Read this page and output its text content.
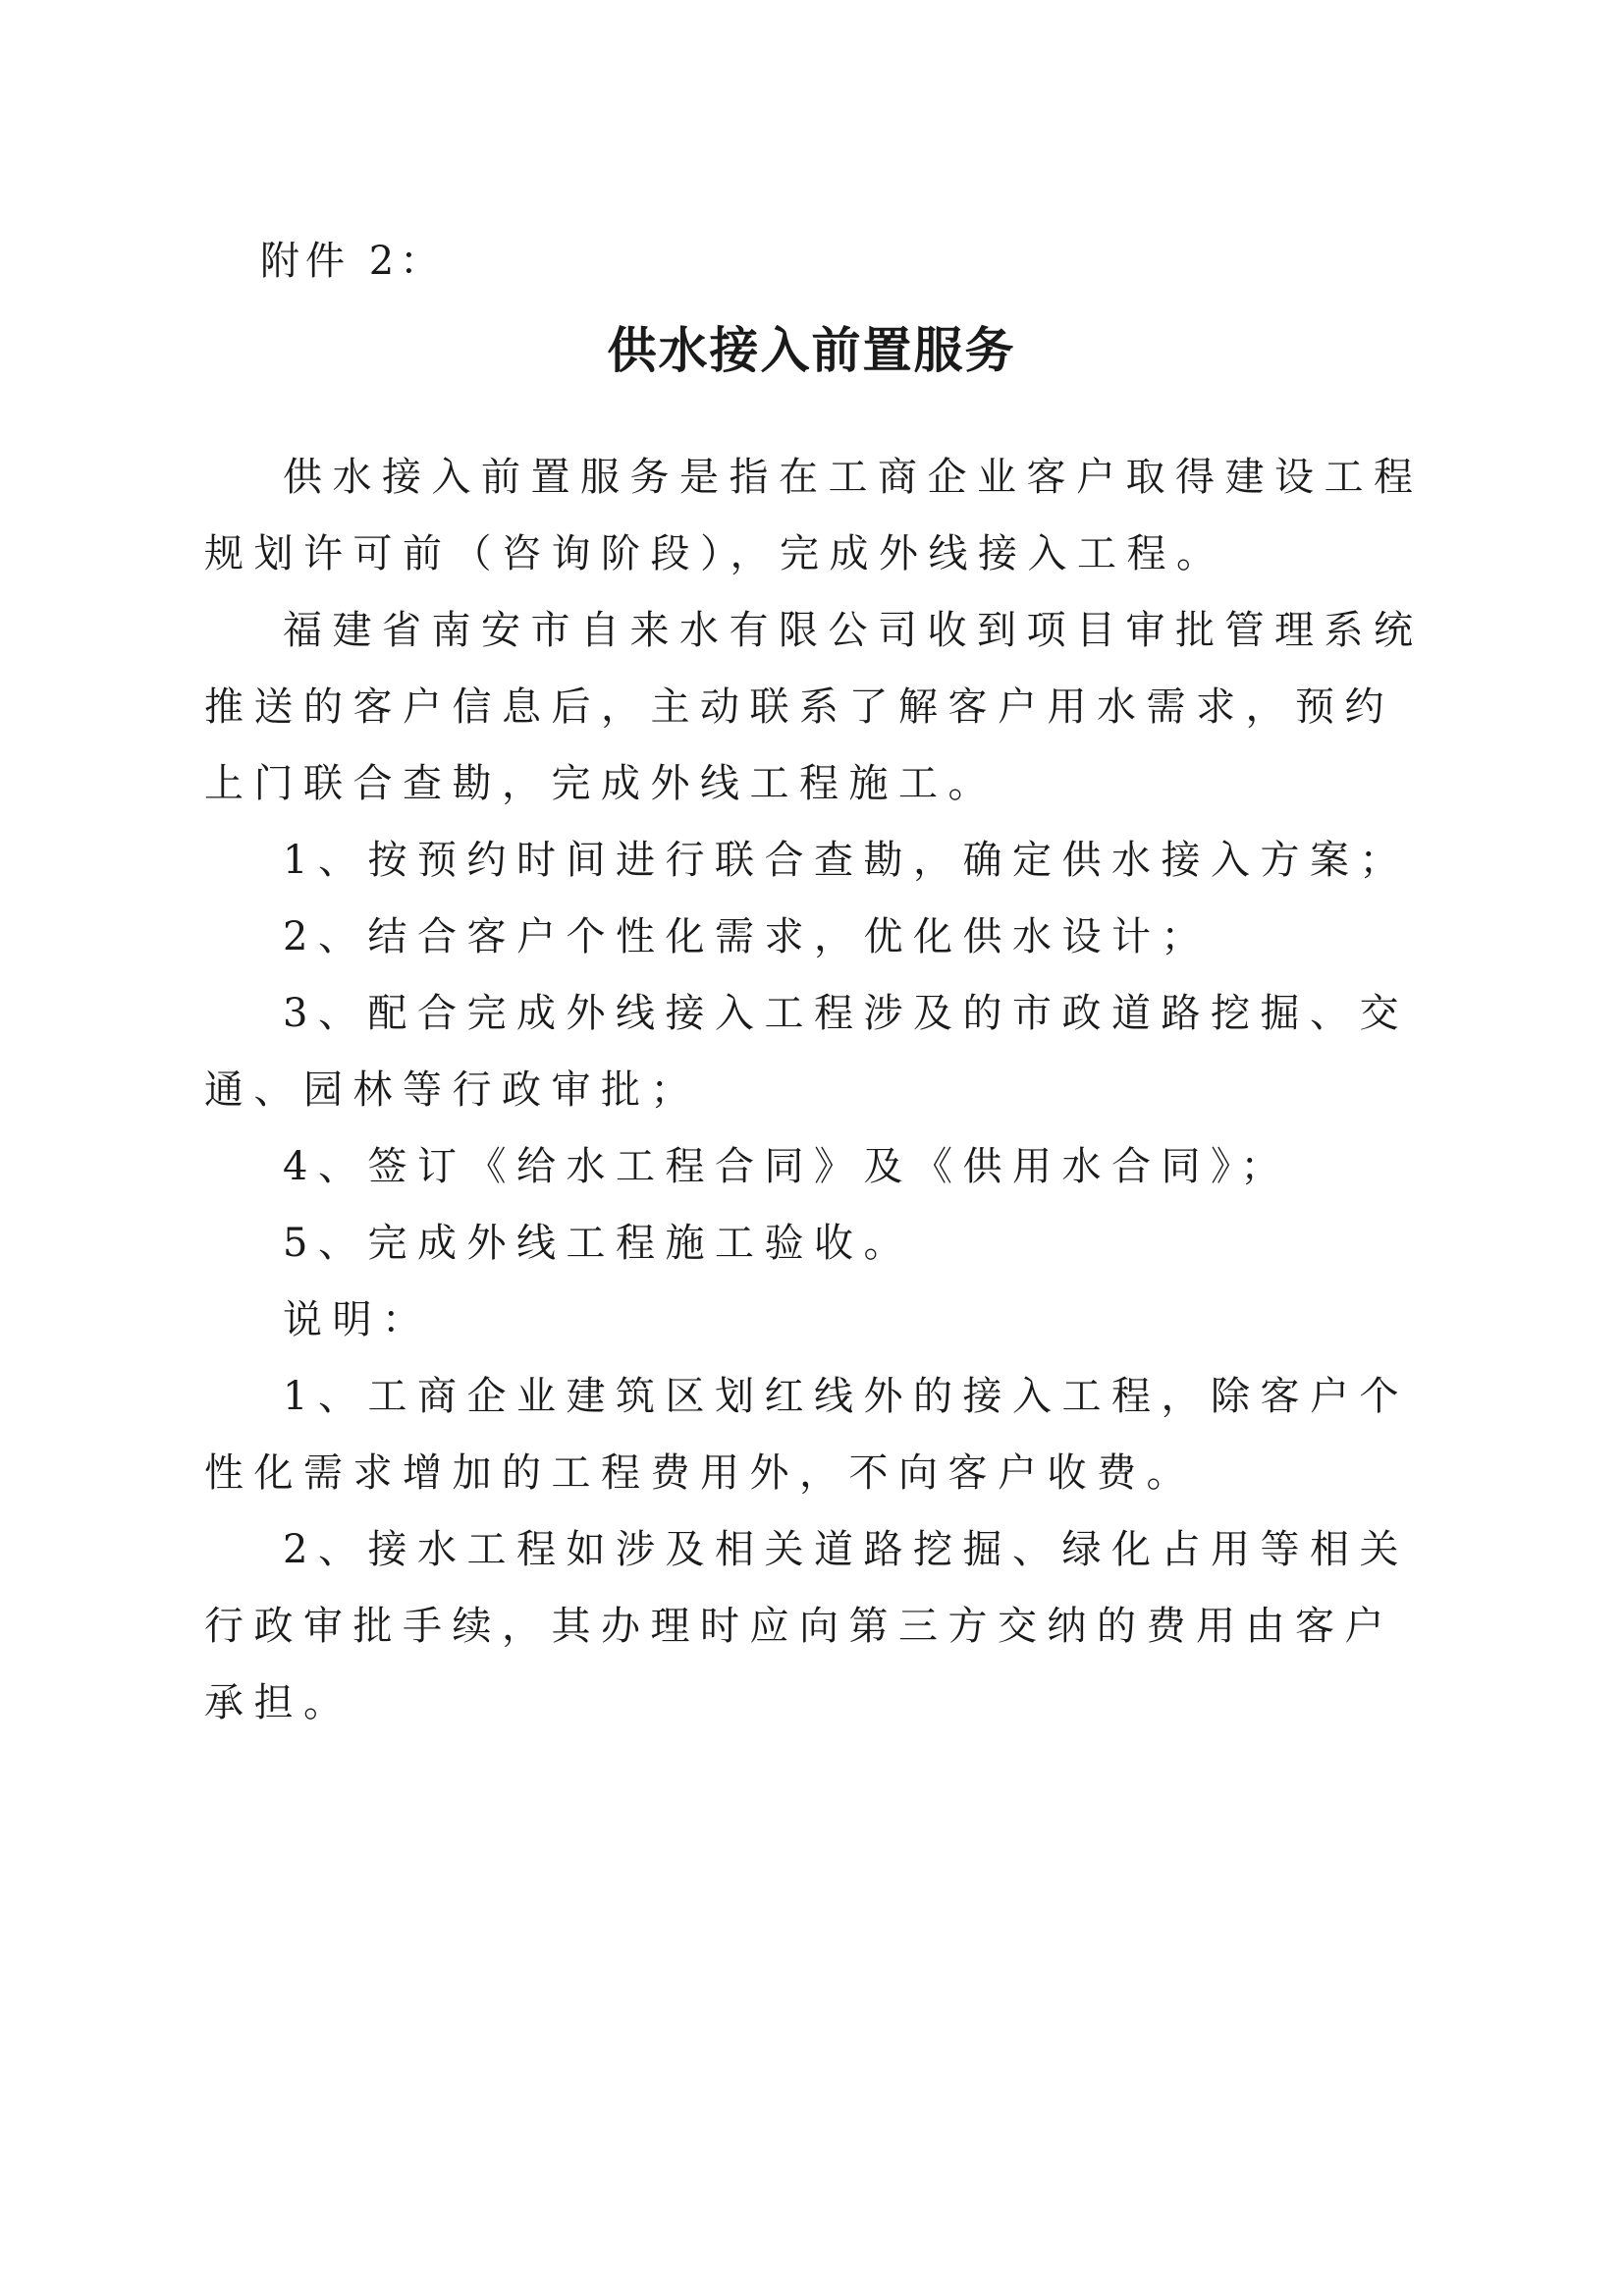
附件 2：
供水接入前置服务

供水接入前置服务是指在工商企业客户取得建设工程规划许可前（咨询阶段），完成外线接入工程。

福建省南安市自来水有限公司收到项目审批管理系统推送的客户信息后，主动联系了解客户用水需求，预约上门联合查勘，完成外线工程施工。

1、按预约时间进行联合查勘，确定供水接入方案；

2、结合客户个性化需求，优化供水设计；

3、配合完成外线接入工程涉及的市政道路挖掘、交通、园林等行政审批；

4、签订《给水工程合同》及《供用水合同》；

5、完成外线工程施工验收。

说明：

1、工商企业建筑区划红线外的接入工程，除客户个性化需求增加的工程费用外，不向客户收费。

2、接水工程如涉及相关道路挖掘、绿化占用等相关行政审批手续，其办理时应向第三方交纳的费用由客户承担。
